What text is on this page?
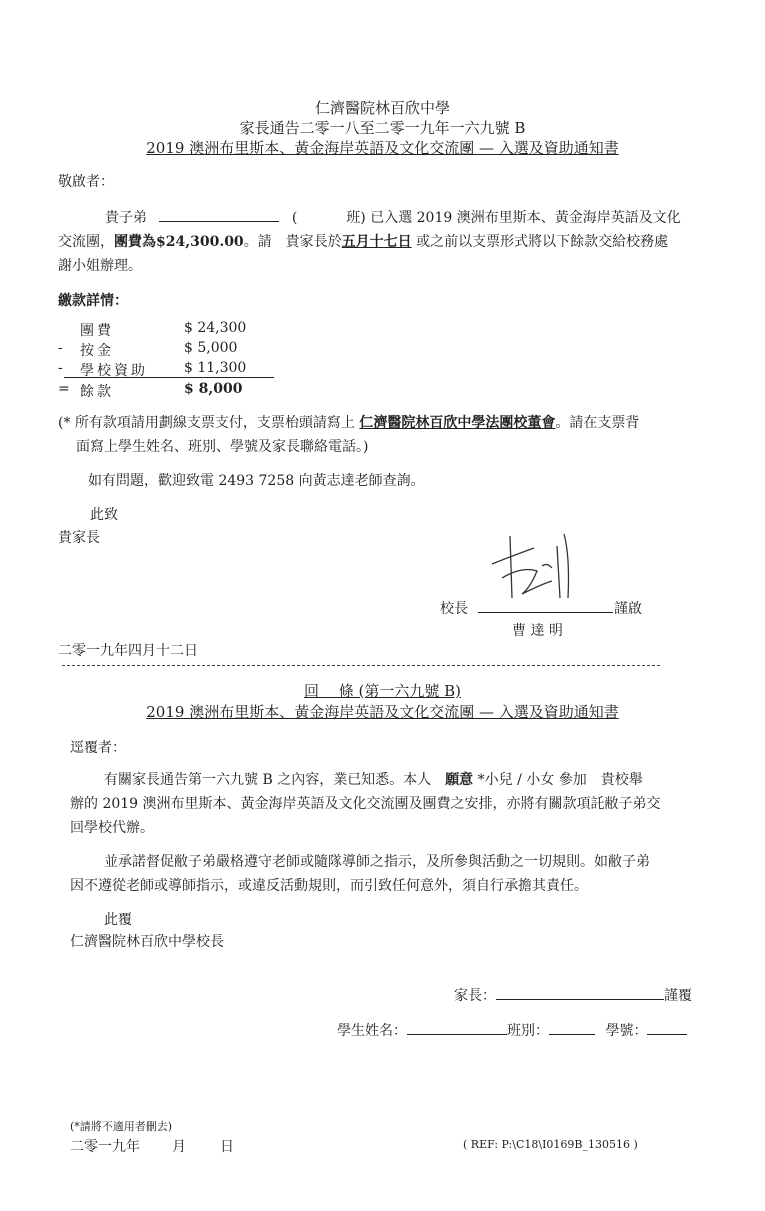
仁濟醫院林百欣中學
家長通告二零一八至二零一九年一六九號 B
2019 澳洲布里斯本、黃金海岸英語及文化交流團 — 入選及資助通知書
敬啟者：
貴子弟	(	班) 已入選 2019 澳洲布里斯本、黃金海岸英語及文化
交流團，團費為$24,300.00。請　貴家長於五月十七日 或之前以支票形式將以下餘款交給校務處
謝小姐辦理。
繳款詳情：
團費	$ 24,300
- 按金	$ 5,000
- 學校資助	$ 11,300
= 餘款	$ 8,000
(* 所有款項請用劃線支票支付，支票枱頭請寫上 仁濟醫院林百欣中學法團校董會。請在支票背
面寫上學生姓名、班別、學號及家長聯絡電話。)
如有問題，歡迎致電 2493 7258 向黃志達老師查詢。
此致
貴家長
校長	謹啟
曹 達 明
二零一九年四月十二日
回　 條 (第一六九號 B)
2019 澳洲布里斯本、黃金海岸英語及文化交流團 — 入選及資助通知書
逕覆者：
有關家長通告第一六九號 B 之內容，業已知悉。本人　願意 *小兒 / 小女 參加　貴校舉
辦的 2019 澳洲布里斯本、黃金海岸英語及文化交流團及團費之安排，亦將有關款項託敝子弟交
回學校代辦。
並承諾督促敝子弟嚴格遵守老師或隨隊導師之指示，及所參與活動之一切規則。如敝子弟
因不遵從老師或導師指示，或違反活動規則，而引致任何意外，須自行承擔其責任。
此覆
仁濟醫院林百欣中學校長
家長：	謹覆
學生姓名：	班別：	學號：
(*請將不適用者刪去)
二零一九年 月 日	( REF: P:\C18\I0169B_130516 )
